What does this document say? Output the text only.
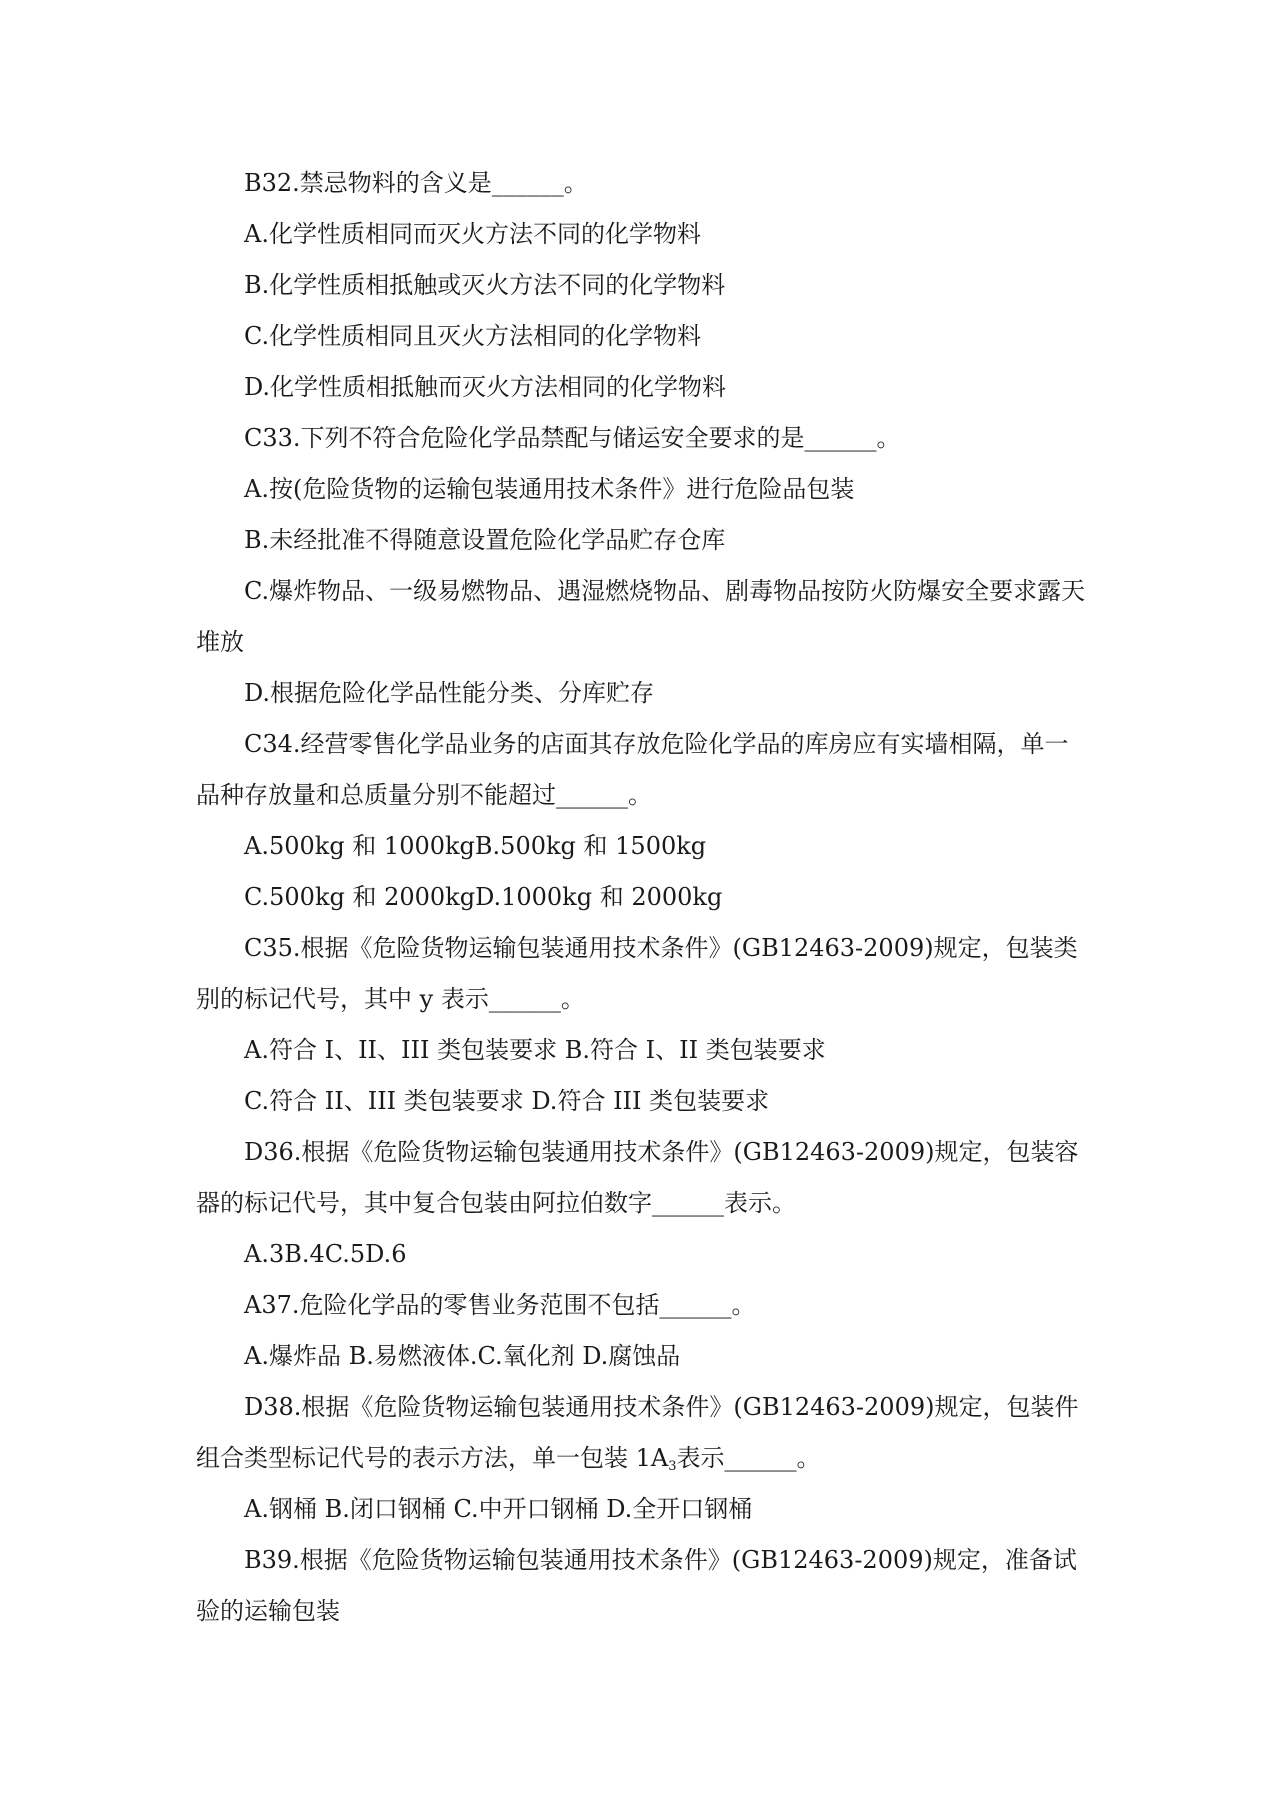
B32.禁忌物料的含义是______。

A.化学性质相同而灭火方法不同的化学物料

B.化学性质相抵触或灭火方法不同的化学物料

C.化学性质相同且灭火方法相同的化学物料

D.化学性质相抵触而灭火方法相同的化学物料

C33.下列不符合危险化学品禁配与储运安全要求的是______。

A.按(危险货物的运输包装通用技术条件》进行危险品包装

B.未经批准不得随意设置危险化学品贮存仓库

C.爆炸物品、一级易燃物品、遇湿燃烧物品、剧毒物品按防火防爆安全要求露天堆放

D.根据危险化学品性能分类、分库贮存

C34.经营零售化学品业务的店面其存放危险化学品的库房应有实墙相隔，单一品种存放量和总质量分别不能超过______。

A.500kg 和 1000kgB.500kg 和 1500kg

C.500kg 和 2000kgD.1000kg 和 2000kg

C35.根据《危险货物运输包装通用技术条件》(GB12463-2009)规定，包装类别的标记代号，其中 y 表示______。

A.符合 I、II、III 类包装要求 B.符合 I、II 类包装要求

C.符合 II、III 类包装要求 D.符合 III 类包装要求

D36.根据《危险货物运输包装通用技术条件》(GB12463-2009)规定，包装容器的标记代号，其中复合包装由阿拉伯数字______表示。

A.3B.4C.5D.6

A37.危险化学品的零售业务范围不包括______。

A.爆炸品 B.易燃液体.C.氧化剂 D.腐蚀品

D38.根据《危险货物运输包装通用技术条件》(GB12463-2009)规定，包装件组合类型标记代号的表示方法，单一包装 $1A_3$表示______。

A.钢桶 B.闭口钢桶 C.中开口钢桶 D.全开口钢桶

B39.根据《危险货物运输包装通用技术条件》(GB12463-2009)规定，准备试验的运输包装
